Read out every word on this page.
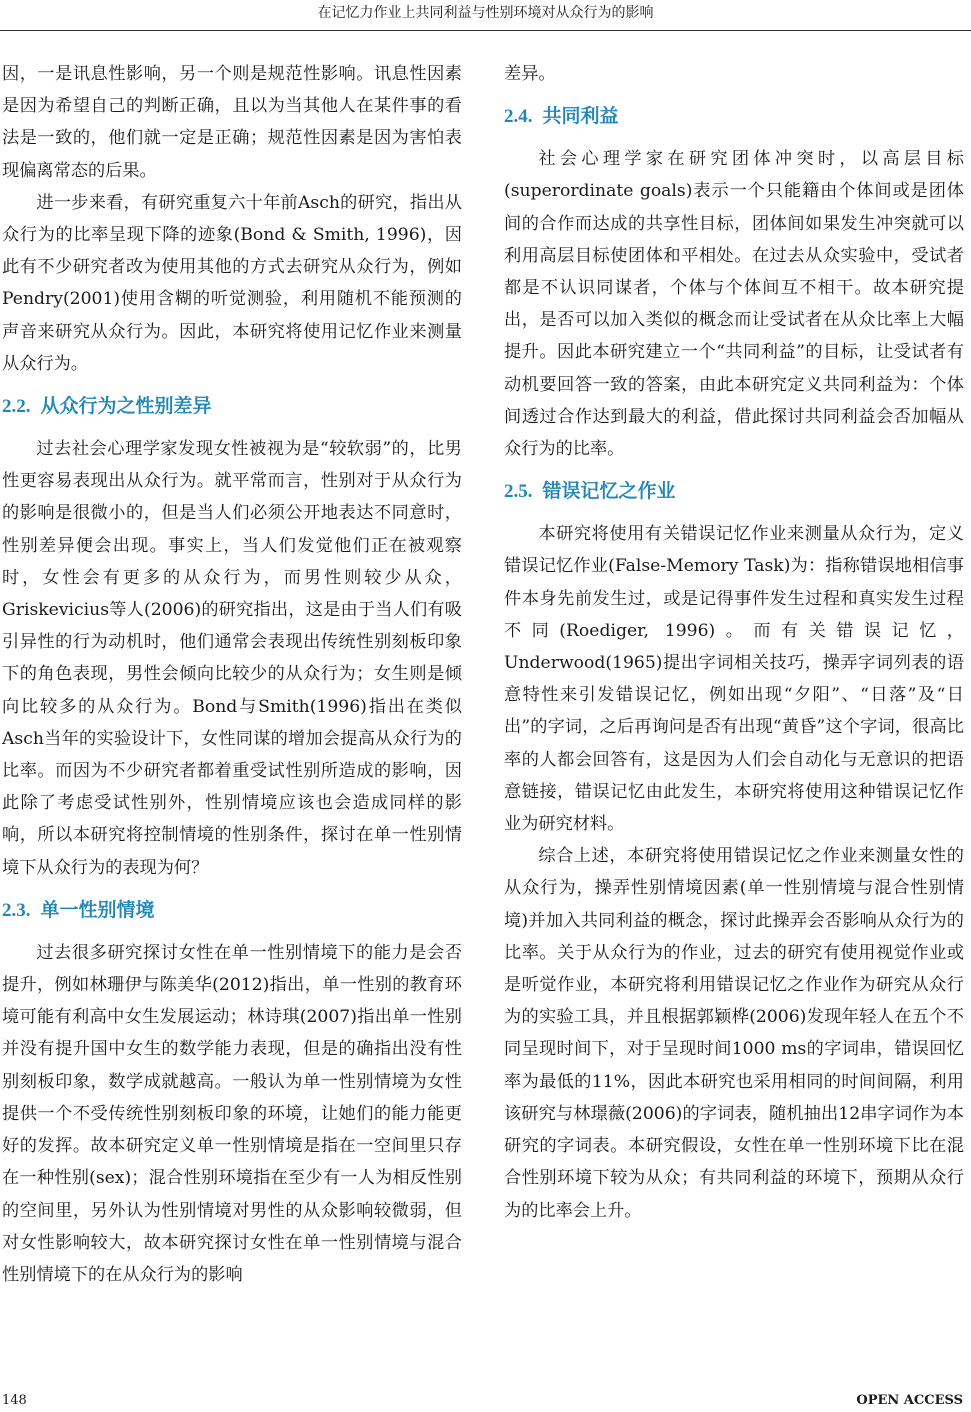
在记忆力作业上共同利益与性别环境对从众行为的影响

因，一是讯息性影响，另一个则是规范性影响。讯息性因素是因为希望自己的判断正确，且以为当其他人在某件事的看法是一致的，他们就一定是正确；规范性因素是因为害怕表现偏离常态的后果。

进一步来看，有研究重复六十年前Asch的研究，指出从众行为的比率呈现下降的迹象(Bond & Smith, 1996)，因此有不少研究者改为使用其他的方式去研究从众行为，例如Pendry(2001)使用含糊的听觉测验，利用随机不能预测的声音来研究从众行为。因此，本研究将使用记忆作业来测量从众行为。

2.2. 从众行为之性别差异

过去社会心理学家发现女性被视为是“较软弱”的，比男性更容易表现出从众行为。就平常而言，性别对于从众行为的影响是很微小的，但是当人们必须公开地表达不同意时，性别差异便会出现。事实上，当人们发觉他们正在被观察时，女性会有更多的从众行为，而男性则较少从众，Griskevicius等人(2006)的研究指出，这是由于当人们有吸引异性的行为动机时，他们通常会表现出传统性别刻板印象下的角色表现，男性会倾向比较少的从众行为；女生则是倾向比较多的从众行为。Bond与Smith(1996)指出在类似Asch当年的实验设计下，女性同谋的增加会提高从众行为的比率。而因为不少研究者都着重受试性别所造成的影响，因此除了考虑受试性别外，性别情境应该也会造成同样的影响，所以本研究将控制情境的性别条件，探讨在单一性别情境下从众行为的表现为何？

2.3. 单一性别情境

过去很多研究探讨女性在单一性别情境下的能力是会否提升，例如林珊伊与陈美华(2012)指出，单一性别的教育环境可能有利高中女生发展运动；林诗琪(2007)指出单一性别并没有提升国中女生的数学能力表现，但是的确指出没有性别刻板印象，数学成就越高。一般认为单一性别情境为女性提供一个不受传统性别刻板印象的环境，让她们的能力能更好的发挥。故本研究定义单一性别情境是指在一空间里只存在一种性别(sex)；混合性别环境指在至少有一人为相反性别的空间里，另外认为性别情境对男性的从众影响较微弱，但对女性影响较大，故本研究探讨女性在单一性别情境与混合性别情境下的在从众行为的影响

差异。

2.4. 共同利益

社会心理学家在研究团体冲突时，以高层目标(superordinate goals)表示一个只能籍由个体间或是团体间的合作而达成的共享性目标，团体间如果发生冲突就可以利用高层目标使团体和平相处。在过去从众实验中，受试者都是不认识同谋者，个体与个体间互不相干。故本研究提出，是否可以加入类似的概念而让受试者在从众比率上大幅提升。因此本研究建立一个“共同利益”的目标，让受试者有动机要回答一致的答案，由此本研究定义共同利益为：个体间透过合作达到最大的利益，借此探讨共同利益会否加幅从众行为的比率。

2.5. 错误记忆之作业

本研究将使用有关错误记忆作业来测量从众行为，定义错误记忆作业(False-Memory Task)为：指称错误地相信事件本身先前发生过，或是记得事件发生过程和真实发生过程不同(Roediger, 1996)。而有关错误记忆，Underwood(1965)提出字词相关技巧，操弄字词列表的语意特性来引发错误记忆，例如出现“夕阳”、“日落”及“日出”的字词，之后再询问是否有出现“黄昏”这个字词，很高比率的人都会回答有，这是因为人们会自动化与无意识的把语意链接，错误记忆由此发生，本研究将使用这种错误记忆作业为研究材料。

综合上述，本研究将使用错误记忆之作业来测量女性的从众行为，操弄性别情境因素(单一性别情境与混合性别情境)并加入共同利益的概念，探讨此操弄会否影响从众行为的比率。关于从众行为的作业，过去的研究有使用视觉作业或是听觉作业，本研究将利用错误记忆之作业作为研究从众行为的实验工具，并且根据郭颖桦(2006)发现年轻人在五个不同呈现时间下，对于呈现时间1000 ms的字词串，错误回忆率为最低的11%，因此本研究也采用相同的时间间隔，利用该研究与林璟薇(2006)的字词表，随机抽出12串字词作为本研究的字词表。本研究假设，女性在单一性别环境下比在混合性别环境下较为从众；有共同利益的环境下，预期从众行为的比率会上升。

148	OPEN ACCESS
